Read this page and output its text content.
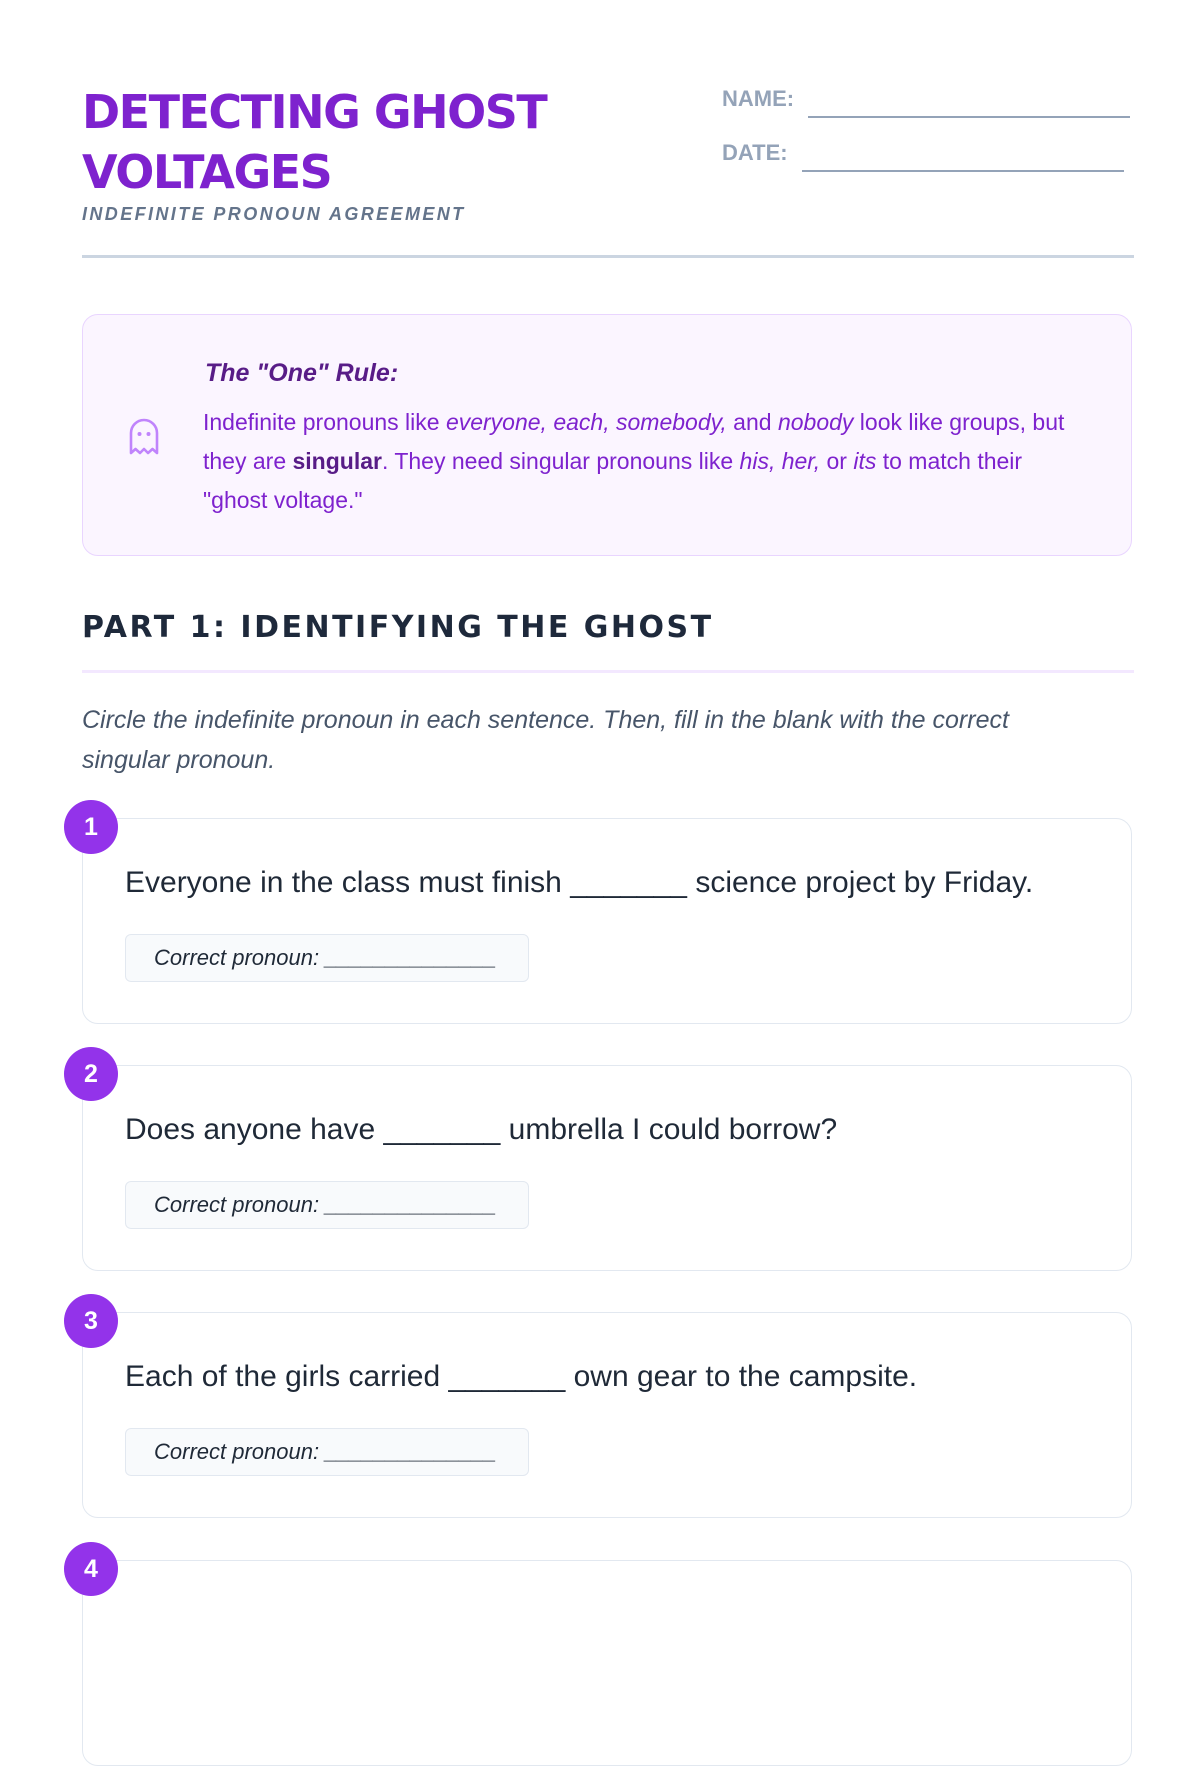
DETECTING GHOST VOLTAGES
INDEFINITE PRONOUN AGREEMENT
NAME:
DATE:
The "One" Rule:
Indefinite pronouns like everyone, each, somebody, and nobody look like groups, but they are singular. They need singular pronouns like his, her, or its to match their "ghost voltage."
PART 1: IDENTIFYING THE GHOST
Circle the indefinite pronoun in each sentence. Then, fill in the blank with the correct singular pronoun.
1
Everyone in the class must finish _______ science project by Friday.
Correct pronoun: ______________
2
Does anyone have _______ umbrella I could borrow?
Correct pronoun: ______________
3
Each of the girls carried _______ own gear to the campsite.
Correct pronoun: ______________
4
